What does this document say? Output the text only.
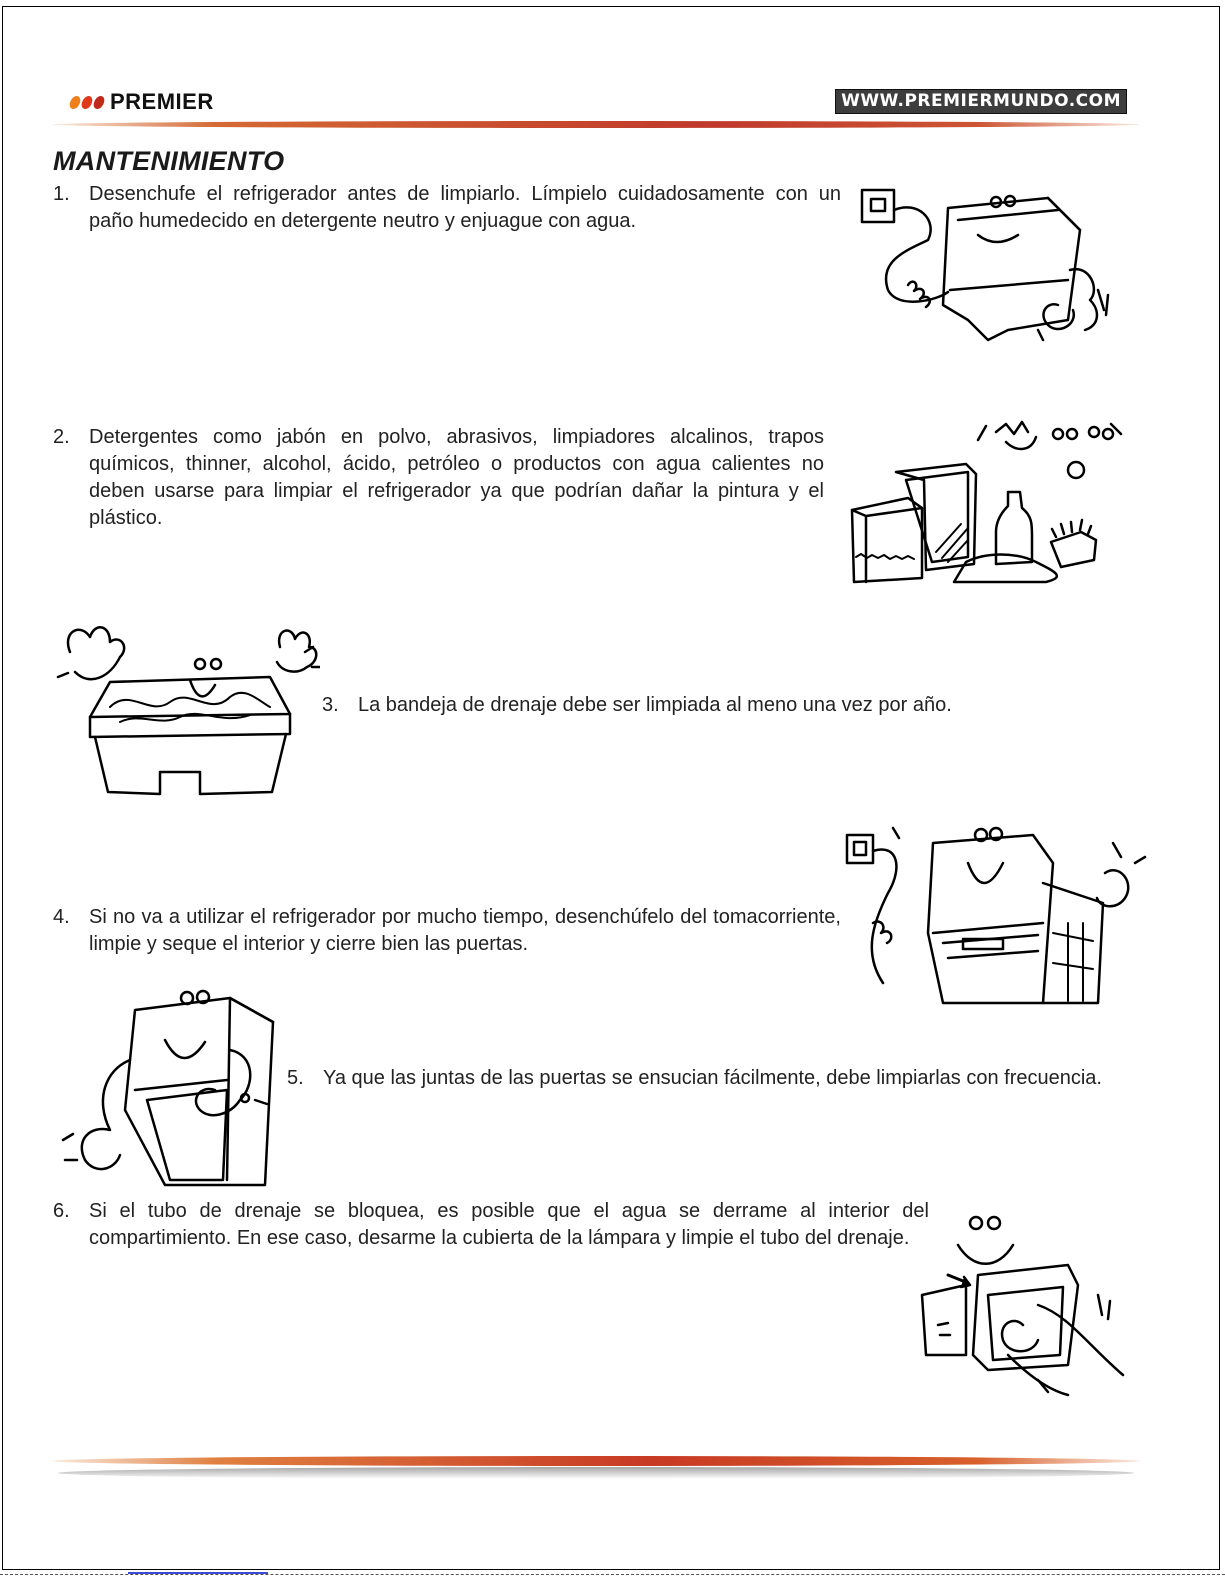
PREMIER	WWW.PREMIERMUNDO.COM
MANTENIMIENTO
1. Desenchufe el refrigerador antes de limpiarlo. Límpielo cuidadosamente con un paño humedecido en detergente neutro y enjuague con agua.
2. Detergentes como jabón en polvo, abrasivos, limpiadores alcalinos, trapos químicos, thinner, alcohol, ácido, petróleo o productos con agua calientes no deben usarse para limpiar el refrigerador ya que podrían dañar la pintura y el plástico.
3. La bandeja de drenaje debe ser limpiada al meno una vez por año.
4. Si no va a utilizar el refrigerador por mucho tiempo, desenchúfelo del tomacorriente, limpie y seque el interior y cierre bien las puertas.
5. Ya que las juntas de las puertas se ensucian fácilmente, debe limpiarlas con frecuencia.
6. Si el tubo de drenaje se bloquea, es posible que el agua se derrame al interior del compartimiento. En ese caso, desarme la cubierta de la lámpara y limpie el tubo del drenaje.
